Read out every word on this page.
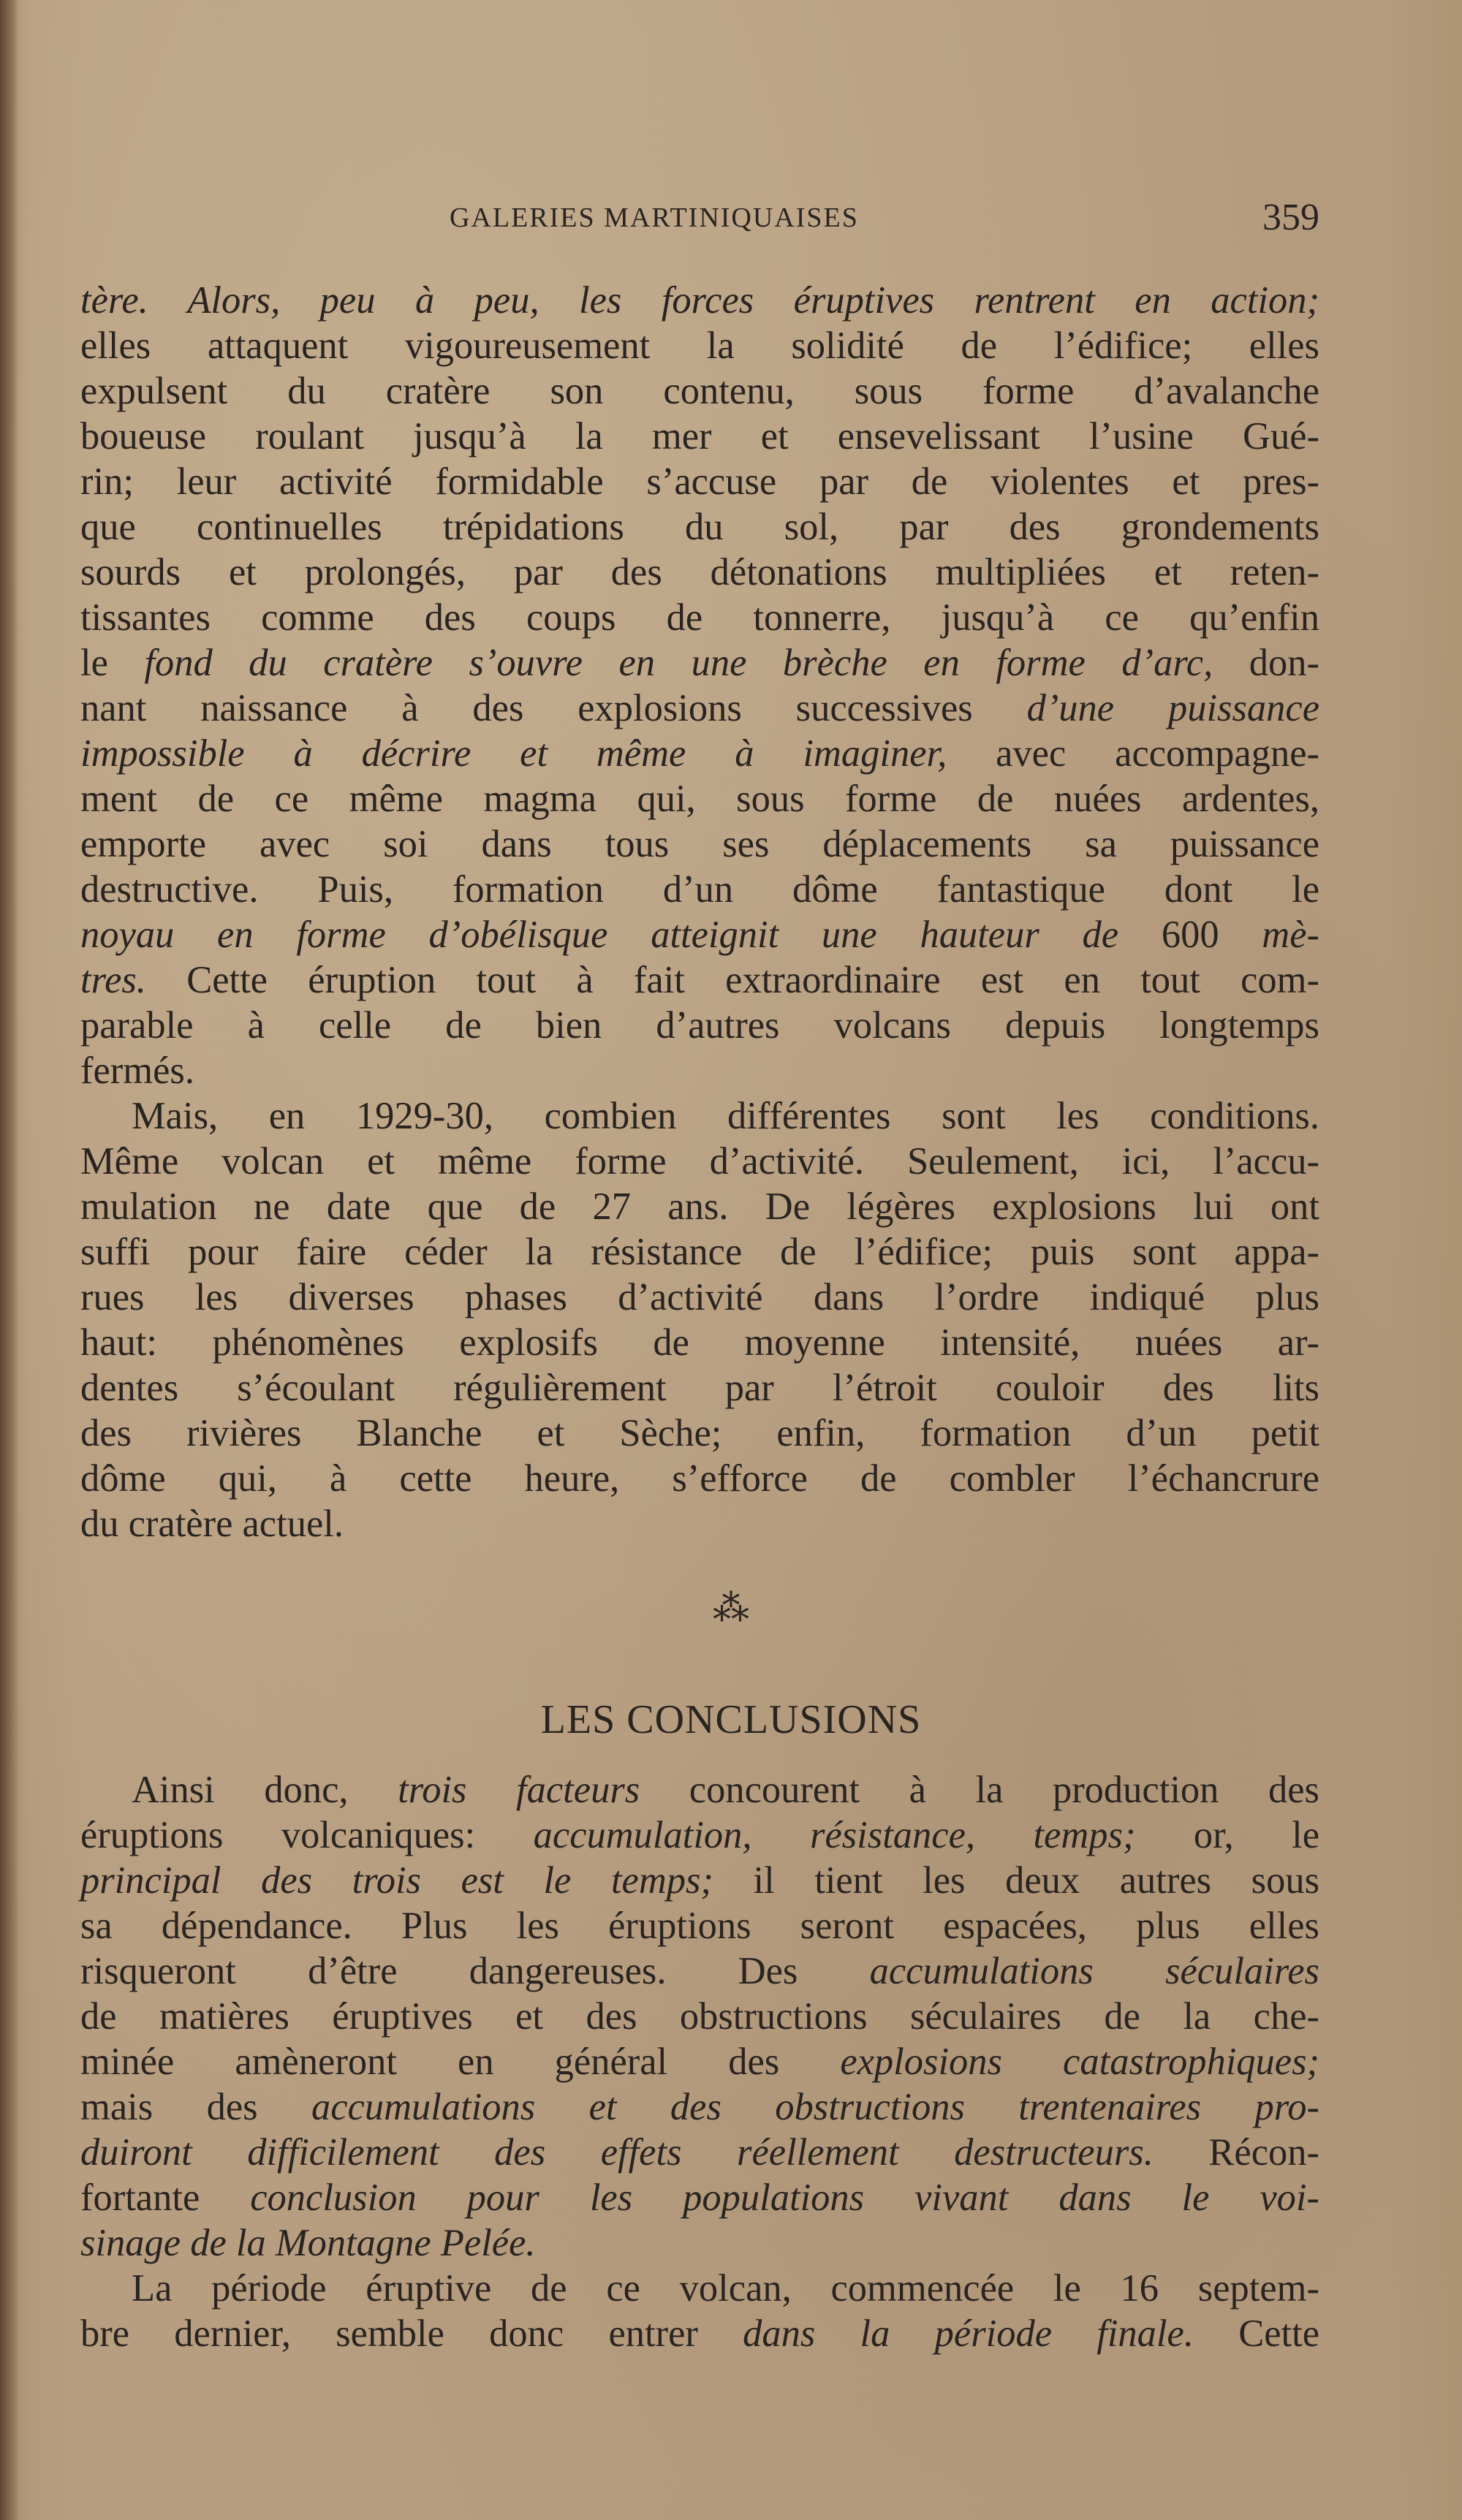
GALERIES MARTINIQUAISES	359

tère. Alors, peu à peu, les forces éruptives rentrent en action;

elles attaquent vigoureusement la solidité de l’édifice; elles

expulsent du cratère son contenu, sous forme d’avalanche

boueuse roulant jusqu’à la mer et ensevelissant l’usine Gué-

rin; leur activité formidable s’accuse par de violentes et pres-

que continuelles trépidations du sol, par des grondements

sourds et prolongés, par des détonations multipliées et reten-

tissantes comme des coups de tonnerre, jusqu’à ce qu’enfin

le fond du cratère s’ouvre en une brèche en forme d’arc, don-

nant naissance à des explosions successives d’une puissance

impossible à décrire et même à imaginer, avec accompagne-

ment de ce même magma qui, sous forme de nuées ardentes,

emporte avec soi dans tous ses déplacements sa puissance

destructive. Puis, formation d’un dôme fantastique dont le

noyau en forme d’obélisque atteignit une hauteur de 600 mè-

tres. Cette éruption tout à fait extraordinaire est en tout com-

parable à celle de bien d’autres volcans depuis longtemps

fermés.

Mais, en 1929-30, combien différentes sont les conditions.

Même volcan et même forme d’activité. Seulement, ici, l’accu-

mulation ne date que de 27 ans. De légères explosions lui ont

suffi pour faire céder la résistance de l’édifice; puis sont appa-

rues les diverses phases d’activité dans l’ordre indiqué plus

haut: phénomènes explosifs de moyenne intensité, nuées ar-

dentes s’écoulant régulièrement par l’étroit couloir des lits

des rivières Blanche et Sèche; enfin, formation d’un petit

dôme qui, à cette heure, s’efforce de combler l’échancrure

du cratère actuel.

⁂
LES CONCLUSIONS

Ainsi donc, trois facteurs concourent à la production des

éruptions volcaniques: accumulation, résistance, temps; or, le

principal des trois est le temps; il tient les deux autres sous

sa dépendance. Plus les éruptions seront espacées, plus elles

risqueront d’être dangereuses. Des accumulations séculaires

de matières éruptives et des obstructions séculaires de la che-

minée amèneront en général des explosions catastrophiques;

mais des accumulations et des obstructions trentenaires pro-

duiront difficilement des effets réellement destructeurs. Récon-

fortante conclusion pour les populations vivant dans le voi-

sinage de la Montagne Pelée.

La période éruptive de ce volcan, commencée le 16 septem-

bre dernier, semble donc entrer dans la période finale. Cette
